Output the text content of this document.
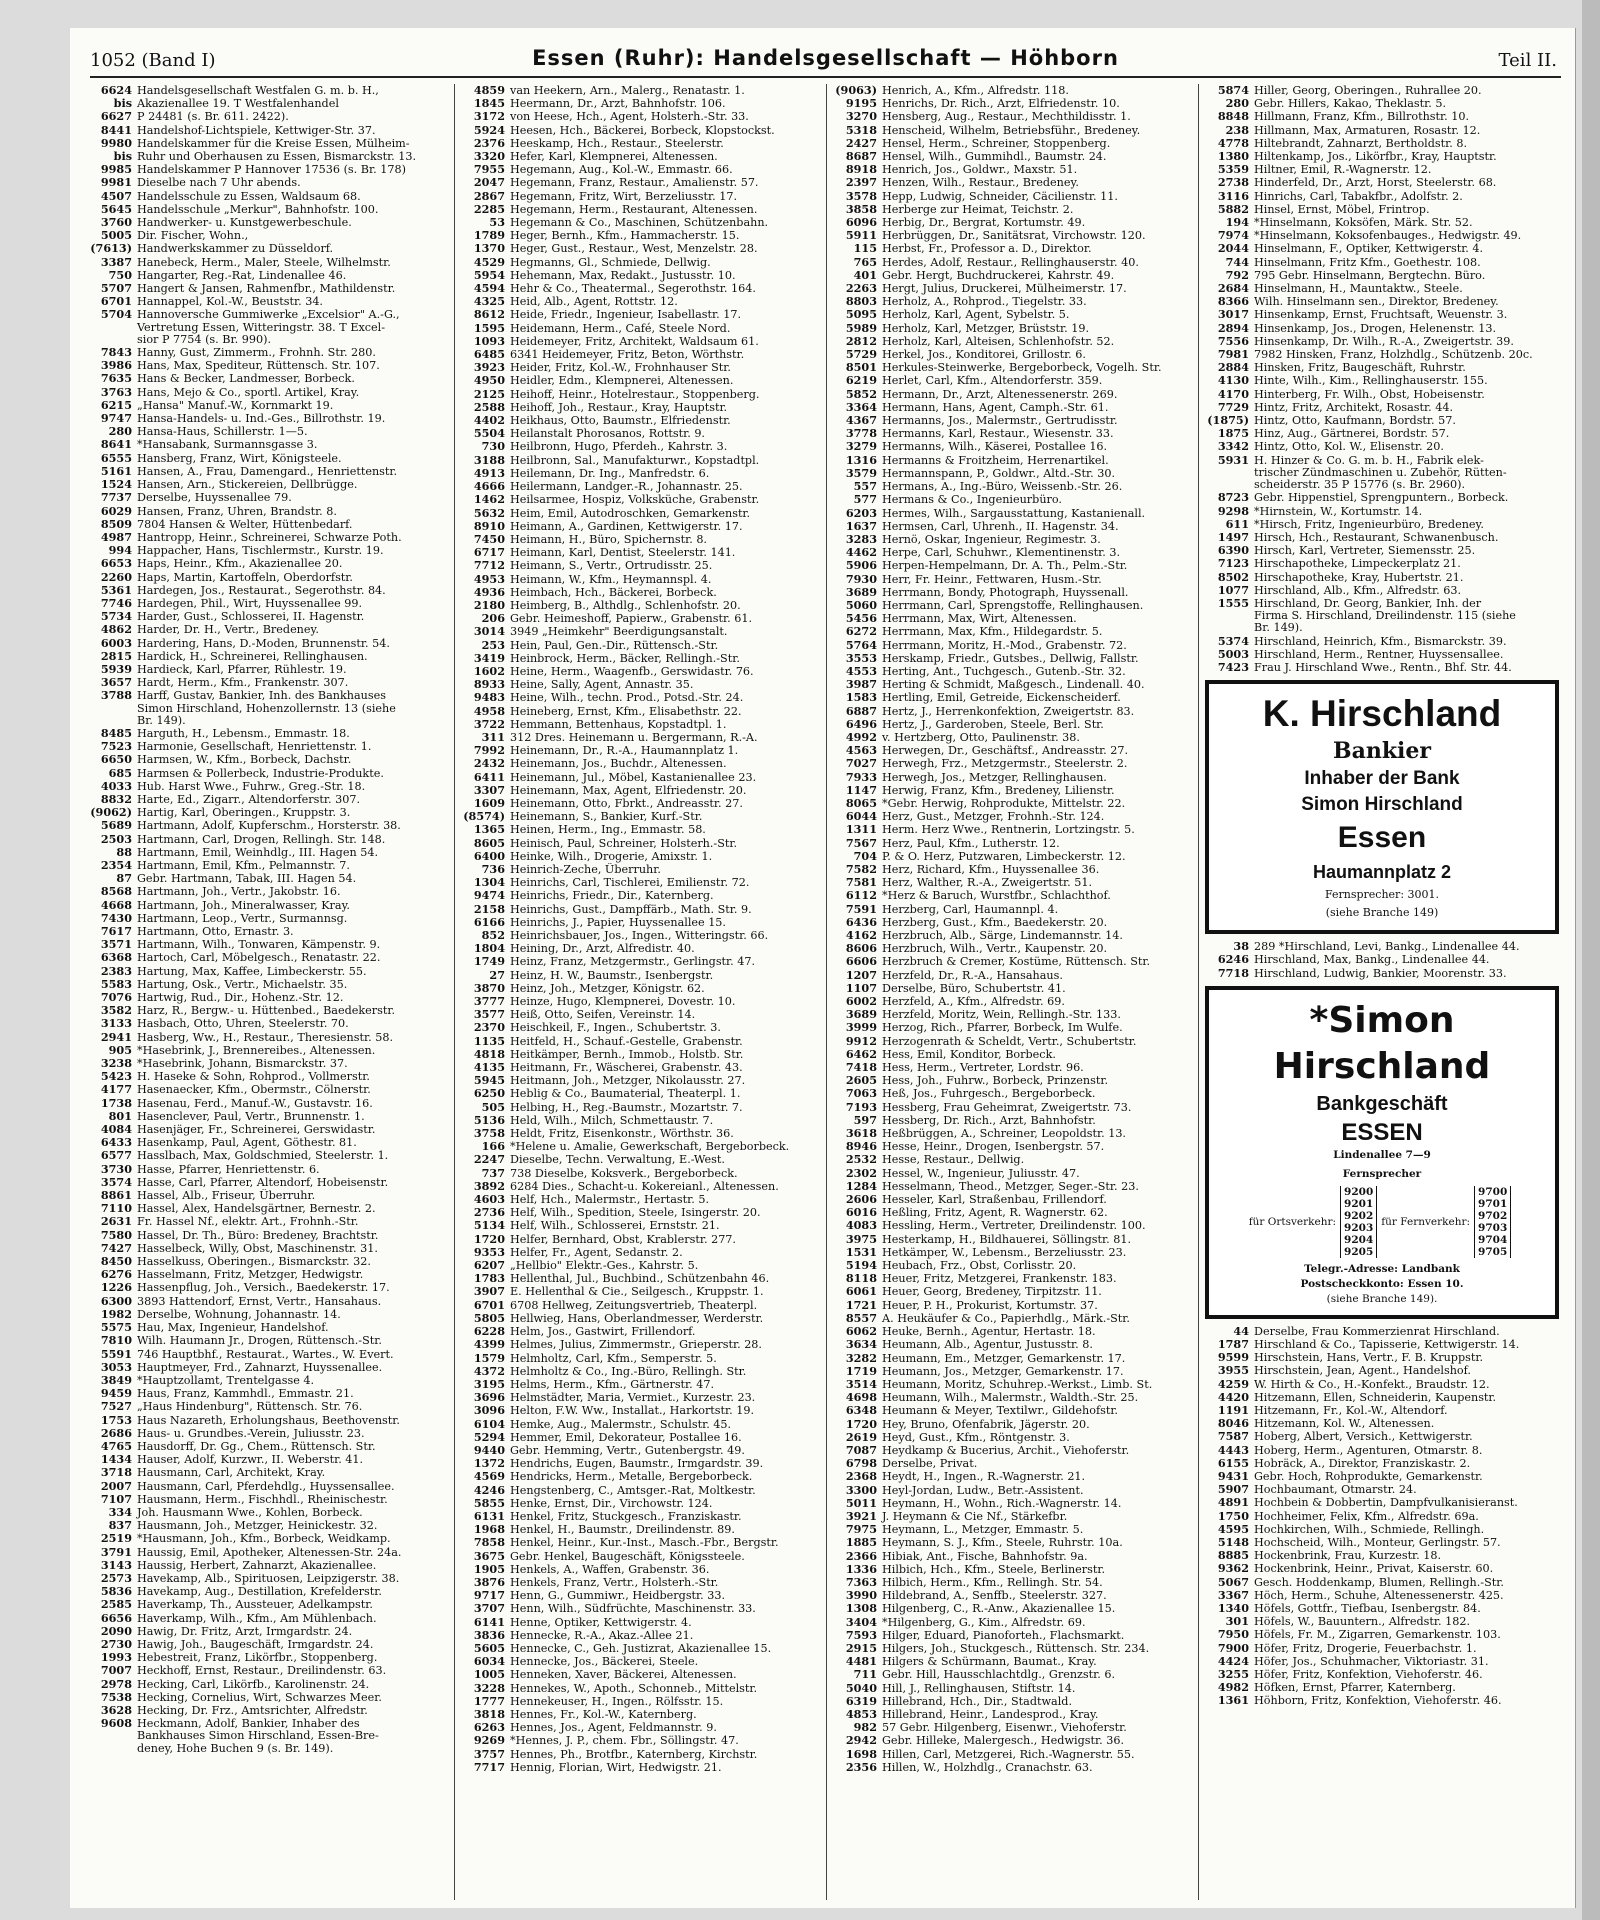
1052 (Band I)	Essen (Ruhr): Handelsgesellschaft — Höhborn	Teil II.
6624 Handelsgesellschaft Westfalen G. m. b. H.,
bis Akazienallee 19. T Westfalenhandel
6627 P 24481 (s. Br. 611. 2422).
8441 Handelshof-Lichtspiele, Kettwiger-Str. 37.
9980 Handelskammer für die Kreise Essen, Mülheim-
bis Ruhr und Oberhausen zu Essen, Bismarckstr. 13.
9985 Handelskammer P Hannover 17536 (s. Br. 178)
9981 Dieselbe nach 7 Uhr abends.
4507 Handelsschule zu Essen, Waldsaum 68.
5645 Handelsschule „Merkur", Bahnhofstr. 100.
3760 Handwerker- u. Kunstgewerbeschule.
5005 Dir. Fischer, Wohn.,
(7613) Handwerkskammer zu Düsseldorf.
3387 Hanebeck, Herm., Maler, Steele, Wilhelmstr.
750 Hangarter, Reg.-Rat, Lindenallee 46.
5707 Hangert & Jansen, Rahmenfbr., Mathildenstr.
6701 Hannappel, Kol.-W., Beuststr. 34.
5704 Hannoversche Gummiwerke „Excelsior" A.-G.,
Vertretung Essen, Witteringstr. 38. T Excel-
sior P 7754 (s. Br. 990).
7843 Hanny, Gust, Zimmerm., Frohnh. Str. 280.
3986 Hans, Max, Spediteur, Rüttensch. Str. 107.
7635 Hans & Becker, Landmesser, Borbeck.
3763 Hans, Mejo & Co., sportl. Artikel, Kray.
6215 „Hansa" Manuf.-W., Kornmarkt 19.
9747 Hansa-Handels- u. Ind.-Ges., Billrothstr. 19.
280 Hansa-Haus, Schillerstr. 1—5.
8641 *Hansabank, Surmannsgasse 3.
6555 Hansberg, Franz, Wirt, Königsteele.
5161 Hansen, A., Frau, Damengard., Henriettenstr.
1524 Hansen, Arn., Stickereien, Dellbrügge.
7737 Derselbe, Huyssenallee 79.
6029 Hansen, Franz, Uhren, Brandstr. 8.
8509 7804 Hansen & Welter, Hüttenbedarf.
4987 Hantropp, Heinr., Schreinerei, Schwarze Poth.
994 Happacher, Hans, Tischlermstr., Kurstr. 19.
6653 Haps, Heinr., Kfm., Akazienallee 20.
2260 Haps, Martin, Kartoffeln, Oberdorfstr.
5361 Hardegen, Jos., Restaurat., Segerothstr. 84.
7746 Hardegen, Phil., Wirt, Huyssenallee 99.
5734 Harder, Gust., Schlosserei, II. Hagenstr.
4862 Harder, Dr. H., Vertr., Bredeney.
6003 Hardering, Hans, D.-Moden, Brunnenstr. 54.
2815 Hardick, H., Schreinerei, Rellinghausen.
5939 Hardieck, Karl, Pfarrer, Rühlestr. 19.
3657 Hardt, Herm., Kfm., Frankenstr. 307.
3788 Harff, Gustav, Bankier, Inh. des Bankhauses
Simon Hirschland, Hohenzollernstr. 13 (siehe
Br. 149).
8485 Harguth, H., Lebensm., Emmastr. 18.
7523 Harmonie, Gesellschaft, Henriettenstr. 1.
6650 Harmsen, W., Kfm., Borbeck, Dachstr.
685 Harmsen & Pollerbeck, Industrie-Produkte.
4033 Hub. Harst Wwe., Fuhrw., Greg.-Str. 18.
8832 Harte, Ed., Zigarr., Altendorferstr. 307.
(9062) Hartig, Karl, Oberingen., Kruppstr. 3.
5689 Hartmann, Adolf, Kupferschm., Horsterstr. 38.
2503 Hartmann, Carl, Drogen, Rellingh. Str. 148.
88 Hartmann, Emil, Weinhdlg., III. Hagen 54.
2354 Hartmann, Emil, Kfm., Pelmannstr. 7.
87 Gebr. Hartmann, Tabak, III. Hagen 54.
8568 Hartmann, Joh., Vertr., Jakobstr. 16.
4668 Hartmann, Joh., Mineralwasser, Kray.
7430 Hartmann, Leop., Vertr., Surmannsg.
7617 Hartmann, Otto, Ernastr. 3.
3571 Hartmann, Wilh., Tonwaren, Kämpenstr. 9.
6368 Hartoch, Carl, Möbelgesch., Renatastr. 22.
2383 Hartung, Max, Kaffee, Limbeckerstr. 55.
5583 Hartung, Osk., Vertr., Michaelstr. 35.
7076 Hartwig, Rud., Dir., Hohenz.-Str. 12.
3582 Harz, R., Bergw.- u. Hüttenbed., Baedekerstr.
3133 Hasbach, Otto, Uhren, Steelerstr. 70.
2941 Hasberg, Ww., H., Restaur., Theresienstr. 58.
905 *Hasebrink, J., Brennereibes., Altenessen.
3238 *Hasebrink, Johann, Bismarckstr. 37.
5423 H. Haseke & Sohn, Rohprod., Vollmerstr.
4177 Hasenaecker, Kfm., Obermstr., Cölnerstr.
1738 Hasenau, Ferd., Manuf.-W., Gustavstr. 16.
801 Hasenclever, Paul, Vertr., Brunnenstr. 1.
4084 Hasenjäger, Fr., Schreinerei, Gerswidastr.
6433 Hasenkamp, Paul, Agent, Göthestr. 81.
6577 Hasslbach, Max, Goldschmied, Steelerstr. 1.
3730 Hasse, Pfarrer, Henriettenstr. 6.
3574 Hasse, Carl, Pfarrer, Altendorf, Hobeisenstr.
8861 Hassel, Alb., Friseur, Überruhr.
7110 Hassel, Alex, Handelsgärtner, Bernestr. 2.
2631 Fr. Hassel Nf., elektr. Art., Frohnh.-Str.
7580 Hassel, Dr. Th., Büro: Bredeney, Brachtstr.
7427 Hasselbeck, Willy, Obst, Maschinenstr. 31.
8450 Hasselkuss, Oberingen., Bismarckstr. 32.
6276 Hasselmann, Fritz, Metzger, Hedwigstr.
1226 Hassenpflug, Joh., Versich., Baedekerstr. 17.
6300 3893 Hattendorf, Ernst, Vertr., Hansahaus.
1982 Derselbe, Wohnung, Johannastr. 14.
5575 Hau, Max, Ingenieur, Handelshof.
7810 Wilh. Haumann Jr., Drogen, Rüttensch.-Str.
5591 746 Hauptbhf., Restaurat., Wartes., W. Evert.
3053 Hauptmeyer, Frd., Zahnarzt, Huyssenallee.
3849 *Hauptzollamt, Trentelgasse 4.
9459 Haus, Franz, Kammhdl., Emmastr. 21.
7527 „Haus Hindenburg", Rüttensch. Str. 76.
1753 Haus Nazareth, Erholungshaus, Beethovenstr.
2686 Haus- u. Grundbes.-Verein, Juliusstr. 23.
4765 Hausdorff, Dr. Gg., Chem., Rüttensch. Str.
1434 Hauser, Adolf, Kurzwr., II. Weberstr. 41.
3718 Hausmann, Carl, Architekt, Kray.
2007 Hausmann, Carl, Pferdehdlg., Huyssensallee.
7107 Hausmann, Herm., Fischhdl., Rheinischestr.
334 Joh. Hausmann Wwe., Kohlen, Borbeck.
837 Hausmann, Joh., Metzger, Heinickestr. 32.
2519 *Hausmann, Joh., Kfm., Borbeck, Weidkamp.
3791 Haussig, Emil, Apotheker, Altenessen-Str. 24a.
3143 Haussig, Herbert, Zahnarzt, Akazienallee.
2573 Havekamp, Alb., Spirituosen, Leipzigerstr. 38.
5836 Havekamp, Aug., Destillation, Krefelderstr.
2585 Haverkamp, Th., Aussteuer, Adelkampstr.
6656 Haverkamp, Wilh., Kfm., Am Mühlenbach.
2090 Hawig, Dr. Fritz, Arzt, Irmgardstr. 24.
2730 Hawig, Joh., Baugeschäft, Irmgardstr. 24.
1993 Hebestreit, Franz, Likörfbr., Stoppenberg.
7007 Heckhoff, Ernst, Restaur., Dreilindenstr. 63.
2978 Hecking, Carl, Likörfb., Karolinenstr. 24.
7538 Hecking, Cornelius, Wirt, Schwarzes Meer.
3628 Hecking, Dr. Frz., Amtsrichter, Alfredstr.
9608 Heckmann, Adolf, Bankier, Inhaber des
Bankhauses Simon Hirschland, Essen-Bre-
deney, Hohe Buchen 9 (s. Br. 149).
4859 van Heekern, Arn., Malerg., Renatastr. 1.
1845 Heermann, Dr., Arzt, Bahnhofstr. 106.
3172 von Heese, Hch., Agent, Holsterh.-Str. 33.
5924 Heesen, Hch., Bäckerei, Borbeck, Klopstockst.
2376 Heeskamp, Hch., Restaur., Steelerstr.
3320 Hefer, Karl, Klempnerei, Altenessen.
7955 Hegemann, Aug., Kol.-W., Emmastr. 66.
2047 Hegemann, Franz, Restaur., Amalienstr. 57.
2867 Hegemann, Fritz, Wirt, Berzeliusstr. 17.
2285 Hegemann, Herm., Restaurant, Altenessen.
53 Hegemann & Co., Maschinen, Schützenbahn.
1789 Heger, Bernh., Kfm., Hammacherstr. 15.
1370 Heger, Gust., Restaur., West, Menzelstr. 28.
4529 Hegmanns, Gl., Schmiede, Dellwig.
5954 Hehemann, Max, Redakt., Justusstr. 10.
4594 Hehr & Co., Theatermal., Segerothstr. 164.
4325 Heid, Alb., Agent, Rottstr. 12.
8612 Heide, Friedr., Ingenieur, Isabellastr. 17.
1595 Heidemann, Herm., Café, Steele Nord.
1093 Heidemeyer, Fritz, Architekt, Waldsaum 61.
6485 6341 Heidemeyer, Fritz, Beton, Wörthstr.
3923 Heider, Fritz, Kol.-W., Frohnhauser Str.
4950 Heidler, Edm., Klempnerei, Altenessen.
2125 Heihoff, Heinr., Hotelrestaur., Stoppenberg.
2588 Heihoff, Joh., Restaur., Kray, Hauptstr.
4402 Heikhaus, Otto, Baumstr., Elfriedenstr.
5504 Heilanstalt Phorosanos, Rottstr. 9.
730 Heilbronn, Hugo, Pferdeh., Kahrstr. 3.
3188 Heilbronn, Sal., Manufakturwr., Kopstadtpl.
4913 Heilemann, Dr. Ing., Manfredstr. 6.
4666 Heilermann, Landger.-R., Johannastr. 25.
1462 Heilsarmee, Hospiz, Volksküche, Grabenstr.
5632 Heim, Emil, Autodroschken, Gemarkenstr.
8910 Heimann, A., Gardinen, Kettwigerstr. 17.
7450 Heimann, H., Büro, Spichernstr. 8.
6717 Heimann, Karl, Dentist, Steelerstr. 141.
7712 Heimann, S., Vertr., Ortrudisstr. 25.
4953 Heimann, W., Kfm., Heymannspl. 4.
4936 Heimbach, Hch., Bäckerei, Borbeck.
2180 Heimberg, B., Althdlg., Schlenhofstr. 20.
206 Gebr. Heimeshoff, Papierw., Grabenstr. 61.
3014 3949 „Heimkehr" Beerdigungsanstalt.
253 Hein, Paul, Gen.-Dir., Rüttensch.-Str.
3419 Heinbrock, Herm., Bäcker, Rellingh.-Str.
1602 Heine, Herm., Waagenfb., Gerswidastr. 76.
8933 Heine, Sally, Agent, Annastr. 35.
9483 Heine, Wilh., techn. Prod., Potsd.-Str. 24.
4958 Heineberg, Ernst, Kfm., Elisabethstr. 22.
3722 Hemmann, Bettenhaus, Kopstadtpl. 1.
311 312 Dres. Heinemann u. Bergermann, R.-A.
7992 Heinemann, Dr., R.-A., Haumannplatz 1.
2432 Heinemann, Jos., Buchdr., Altenessen.
6411 Heinemann, Jul., Möbel, Kastanienallee 23.
3307 Heinemann, Max, Agent, Elfriedenstr. 20.
1609 Heinemann, Otto, Fbrkt., Andreasstr. 27.
(8574) Heinemann, S., Bankier, Kurf.-Str.
1365 Heinen, Herm., Ing., Emmastr. 58.
8605 Heinisch, Paul, Schreiner, Holsterh.-Str.
6400 Heinke, Wilh., Drogerie, Amixstr. 1.
736 Heinrich-Zeche, Überruhr.
1304 Heinrichs, Carl, Tischlerei, Emilienstr. 72.
9474 Heinrichs, Friedr., Dir., Katernberg.
2158 Heinrichs, Gust., Dampffärb., Math. Str. 9.
6166 Heinrichs, J., Papier, Huyssenallee 15.
852 Heinrichsbauer, Jos., Ingen., Witteringstr. 66.
1804 Heining, Dr., Arzt, Alfredistr. 40.
1749 Heinz, Franz, Metzgermstr., Gerlingstr. 47.
27 Heinz, H. W., Baumstr., Isenbergstr.
3870 Heinz, Joh., Metzger, Königstr. 62.
3777 Heinze, Hugo, Klempnerei, Dovestr. 10.
3577 Heiß, Otto, Seifen, Vereinstr. 14.
2370 Heischkeil, F., Ingen., Schubertstr. 3.
1135 Heitfeld, H., Schauf.-Gestelle, Grabenstr.
4818 Heitkämper, Bernh., Immob., Holstb. Str.
4135 Heitmann, Fr., Wäscherei, Grabenstr. 43.
5945 Heitmann, Joh., Metzger, Nikolausstr. 27.
6250 Heblig & Co., Baumaterial, Theaterpl. 1.
505 Helbing, H., Reg.-Baumstr., Mozartstr. 7.
5136 Held, Wilh., Milch, Schmettaustr. 7.
3758 Heldt, Fritz, Eisenkonstr., Wörthstr. 36.
166 *Helene u. Amalie, Gewerkschaft, Bergeborbeck.
2247 Dieselbe, Techn. Verwaltung, E.-West.
737 738 Dieselbe, Koksverk., Bergeborbeck.
3892 6284 Dies., Schacht-u. Kokereianl., Altenessen.
4603 Helf, Hch., Malermstr., Hertastr. 5.
2736 Helf, Wilh., Spedition, Steele, Isingerstr. 20.
5134 Helf, Wilh., Schlosserei, Ernststr. 21.
1720 Helfer, Bernhard, Obst, Krablerstr. 277.
9353 Helfer, Fr., Agent, Sedanstr. 2.
6207 „Hellbio" Elektr.-Ges., Kahrstr. 5.
1783 Hellenthal, Jul., Buchbind., Schützenbahn 46.
3907 E. Hellenthal & Cie., Seilgesch., Kruppstr. 1.
6701 6708 Hellweg, Zeitungsvertrieb, Theaterpl.
5805 Hellwieg, Hans, Oberlandmesser, Werderstr.
6228 Helm, Jos., Gastwirt, Frillendorf.
4399 Helmes, Julius, Zimmermstr., Grieperstr. 28.
1579 Helmholtz, Carl, Kfm., Semperstr. 5.
4372 Helmholtz & Co., Ing.-Büro, Rellingh. Str.
3195 Helms, Herm., Kfm., Gärtnerstr. 47.
3696 Helmstädter, Maria, Vermiet., Kurzestr. 23.
3096 Helton, F.W. Ww., Installat., Harkortstr. 19.
6104 Hemke, Aug., Malermstr., Schulstr. 45.
5294 Hemmer, Emil, Dekorateur, Postallee 16.
9440 Gebr. Hemming, Vertr., Gutenbergstr. 49.
1372 Hendrichs, Eugen, Baumstr., Irmgardstr. 39.
4569 Hendricks, Herm., Metalle, Bergeborbeck.
4246 Hengstenberg, C., Amtsger.-Rat, Moltkestr.
5855 Henke, Ernst, Dir., Virchowstr. 124.
6131 Henkel, Fritz, Stuckgesch., Franziskastr.
1968 Henkel, H., Baumstr., Dreilindenstr. 89.
7858 Henkel, Heinr., Kur.-Inst., Masch.-Fbr., Bergstr.
3675 Gebr. Henkel, Baugeschäft, Königssteele.
1905 Henkels, A., Waffen, Grabenstr. 36.
3876 Henkels, Franz, Vertr., Holsterh.-Str.
9717 Henn, G., Gummiwr., Heidbergstr. 33.
3707 Henn, Wilh., Südfrüchte, Maschinenstr. 33.
6141 Henne, Optiker, Kettwigerstr. 4.
3836 Hennecke, R.-A., Akaz.-Allee 21.
5605 Hennecke, C., Geh. Justizrat, Akazienallee 15.
6034 Hennecke, Jos., Bäckerei, Steele.
1005 Henneken, Xaver, Bäckerei, Altenessen.
3228 Hennekes, W., Apoth., Schonneb., Mittelstr.
1777 Hennekeuser, H., Ingen., Rölfsstr. 15.
3818 Hennes, Fr., Kol.-W., Katernberg.
6263 Hennes, Jos., Agent, Feldmannstr. 9.
9269 *Hennes, J. P., chem. Fbr., Söllingstr. 47.
3757 Hennes, Ph., Brotfbr., Katernberg, Kirchstr.
7717 Hennig, Florian, Wirt, Hedwigstr. 21.
(9063) Henrich, A., Kfm., Alfredstr. 118.
9195 Henrichs, Dr. Rich., Arzt, Elfriedenstr. 10.
3270 Hensberg, Aug., Restaur., Mechthildisstr. 1.
5318 Henscheid, Wilhelm, Betriebsführ., Bredeney.
2427 Hensel, Herm., Schreiner, Stoppenberg.
8687 Hensel, Wilh., Gummihdl., Baumstr. 24.
8918 Henrich, Jos., Goldwr., Maxstr. 51.
2397 Henzen, Wilh., Restaur., Bredeney.
3578 Hepp, Ludwig, Schneider, Cäcilienstr. 11.
3858 Herberge zur Heimat, Teichstr. 2.
6096 Herbig, Dr., Bergrat, Kortumstr. 49.
5911 Herbrüggen, Dr., Sanitätsrat, Virchowstr. 120.
115 Herbst, Fr., Professor a. D., Direktor.
765 Herdes, Adolf, Restaur., Rellinghauserstr. 40.
401 Gebr. Hergt, Buchdruckerei, Kahrstr. 49.
2263 Hergt, Julius, Druckerei, Mülheimerstr. 17.
8803 Herholz, A., Rohprod., Tiegelstr. 33.
5095 Herholz, Karl, Agent, Sybelstr. 5.
5989 Herholz, Karl, Metzger, Brüststr. 19.
2812 Herholz, Karl, Alteisen, Schlenhofstr. 52.
5729 Herkel, Jos., Konditorei, Grillostr. 6.
8501 Herkules-Steinwerke, Bergeborbeck, Vogelh. Str.
6219 Herlet, Carl, Kfm., Altendorferstr. 359.
5852 Hermann, Dr., Arzt, Altenessenerstr. 269.
3364 Hermann, Hans, Agent, Camph.-Str. 61.
4367 Hermanns, Jos., Malermstr., Gertrudisstr.
3778 Hermanns, Karl, Restaur., Wiesenstr. 33.
3279 Hermanns, Wilh., Käserei, Postallee 16.
1316 Hermanns & Froitzheim, Herrenartikel.
3579 Hermannspann, P., Goldwr., Altd.-Str. 30.
557 Hermans, A., Ing.-Büro, Weissenb.-Str. 26.
577 Hermans & Co., Ingenieurbüro.
6203 Hermes, Wilh., Sargausstattung, Kastanienall.
1637 Hermsen, Carl, Uhrenh., II. Hagenstr. 34.
3283 Hernö, Oskar, Ingenieur, Regimestr. 3.
4462 Herpe, Carl, Schuhwr., Klementinenstr. 3.
5906 Herpen-Hempelmann, Dr. A. Th., Pelm.-Str.
7930 Herr, Fr. Heinr., Fettwaren, Husm.-Str.
3689 Herrmann, Bondy, Photograph, Huyssenall.
5060 Herrmann, Carl, Sprengstoffe, Rellinghausen.
5456 Herrmann, Max, Wirt, Altenessen.
6272 Herrmann, Max, Kfm., Hildegardstr. 5.
5764 Herrmann, Moritz, H.-Mod., Grabenstr. 72.
3553 Herskamp, Friedr., Gutsbes., Dellwig, Fallstr.
4553 Herting, Ant., Tuchgesch., Gutenb.-Str. 32.
3987 Herting & Schmidt, Maßgesch., Lindenall. 40.
1583 Hertling, Emil, Getreide, Eickenscheiderf.
6887 Hertz, J., Herrenkonfektion, Zweigertstr. 83.
6496 Hertz, J., Garderoben, Steele, Berl. Str.
4992 v. Hertzberg, Otto, Paulinenstr. 38.
4563 Herwegen, Dr., Geschäftsf., Andreasstr. 27.
7027 Herwegh, Frz., Metzgermstr., Steelerstr. 2.
7933 Herwegh, Jos., Metzger, Rellinghausen.
1147 Herwig, Franz, Kfm., Bredeney, Lilienstr.
8065 *Gebr. Herwig, Rohprodukte, Mittelstr. 22.
6044 Herz, Gust., Metzger, Frohnh.-Str. 124.
1311 Herm. Herz Wwe., Rentnerin, Lortzingstr. 5.
7567 Herz, Paul, Kfm., Lutherstr. 12.
704 P. & O. Herz, Putzwaren, Limbeckerstr. 12.
7582 Herz, Richard, Kfm., Huyssenallee 36.
7581 Herz, Walther, R.-A., Zweigertstr. 51.
6112 *Herz & Baruch, Wurstfbr., Schlachthof.
7591 Herzberg, Carl, Haumannpl. 4.
6436 Herzberg, Gust., Kfm., Baedekerstr. 20.
4162 Herzbruch, Alb., Särge, Lindemannstr. 14.
8606 Herzbruch, Wilh., Vertr., Kaupenstr. 20.
6606 Herzbruch & Cremer, Kostüme, Rüttensch. Str.
1207 Herzfeld, Dr., R.-A., Hansahaus.
1107 Derselbe, Büro, Schubertstr. 41.
6002 Herzfeld, A., Kfm., Alfredstr. 69.
3689 Herzfeld, Moritz, Wein, Rellingh.-Str. 133.
3999 Herzog, Rich., Pfarrer, Borbeck, Im Wulfe.
9912 Herzogenrath & Scheldt, Vertr., Schubertstr.
6462 Hess, Emil, Konditor, Borbeck.
7418 Hess, Herm., Vertreter, Lordstr. 96.
2605 Hess, Joh., Fuhrw., Borbeck, Prinzenstr.
7063 Heß, Jos., Fuhrgesch., Bergeborbeck.
7193 Hessberg, Frau Geheimrat, Zweigertstr. 73.
597 Hessberg, Dr. Rich., Arzt, Bahnhofstr.
3618 Heßbrüggen, A., Schreiner, Leopoldstr. 13.
8946 Hesse, Heinr., Drogen, Isenbergstr. 57.
2532 Hesse, Restaur., Dellwig.
2302 Hessel, W., Ingenieur, Juliusstr. 47.
1284 Hesselmann, Theod., Metzger, Seger.-Str. 23.
2606 Hesseler, Karl, Straßenbau, Frillendorf.
6016 Heßling, Fritz, Agent, R. Wagnerstr. 62.
4083 Hessling, Herm., Vertreter, Dreilindenstr. 100.
3975 Hesterkamp, H., Bildhauerei, Söllingstr. 81.
1531 Hetkämper, W., Lebensm., Berzeliusstr. 23.
5194 Heubach, Frz., Obst, Corlisstr. 20.
8118 Heuer, Fritz, Metzgerei, Frankenstr. 183.
6061 Heuer, Georg, Bredeney, Tirpitzstr. 11.
1721 Heuer, P. H., Prokurist, Kortumstr. 37.
8557 A. Heukäufer & Co., Papierhdlg., Märk.-Str.
6062 Heuke, Bernh., Agentur, Hertastr. 18.
3634 Heumann, Alb., Agentur, Justusstr. 8.
3282 Heumann, Em., Metzger, Gemarkenstr. 17.
1719 Heumann, Jos., Metzger, Gemarkenstr. 17.
3514 Heumann, Moritz, Schuhrep.-Werkst., Limb. St.
4698 Heumann, Wilh., Malermstr., Waldth.-Str. 25.
6348 Heumann & Meyer, Textilwr., Gildehofstr.
1720 Hey, Bruno, Ofenfabrik, Jägerstr. 20.
2619 Heyd, Gust., Kfm., Röntgenstr. 3.
7087 Heydkamp & Bucerius, Archit., Viehoferstr.
6798 Derselbe, Privat.
2368 Heydt, H., Ingen., R.-Wagnerstr. 21.
3300 Heyl-Jordan, Ludw., Betr.-Assistent.
5011 Heymann, H., Wohn., Rich.-Wagnerstr. 14.
3921 J. Heymann & Cie Nf., Stärkefbr.
7975 Heymann, L., Metzger, Emmastr. 5.
1885 Heymann, S. J., Kfm., Steele, Ruhrstr. 10a.
2366 Hibiak, Ant., Fische, Bahnhofstr. 9a.
1336 Hilbich, Hch., Kfm., Steele, Berlinerstr.
7363 Hilbich, Herm., Kfm., Rellingh. Str. 54.
3990 Hildebrand, A., Senffb., Steelerstr. 327.
1308 Hilgenberg, C., R.-Anw., Akazienallee 15.
3404 *Hilgenberg, G., Kim., Alfredstr. 69.
7593 Hilger, Eduard, Pianoforteh., Flachsmarkt.
2915 Hilgers, Joh., Stuckgesch., Rüttensch. Str. 234.
4481 Hilgers & Schürmann, Baumat., Kray.
711 Gebr. Hill, Hausschlachtdlg., Grenzstr. 6.
5040 Hill, J., Rellinghausen, Stiftstr. 14.
6319 Hillebrand, Hch., Dir., Stadtwald.
4853 Hillebrand, Heinr., Landesprod., Kray.
982 57 Gebr. Hilgenberg, Eisenwr., Viehoferstr.
2942 Gebr. Hilleke, Malergesch., Hedwigstr. 36.
1698 Hillen, Carl, Metzgerei, Rich.-Wagnerstr. 55.
2356 Hillen, W., Holzhdlg., Cranachstr. 63.
5874 Hiller, Georg, Oberingen., Ruhrallee 20.
280 Gebr. Hillers, Kakao, Theklastr. 5.
8848 Hillmann, Franz, Kfm., Billrothstr. 10.
238 Hillmann, Max, Armaturen, Rosastr. 12.
4778 Hiltebrandt, Zahnarzt, Bertholdstr. 8.
1380 Hiltenkamp, Jos., Likörfbr., Kray, Hauptstr.
5359 Hiltner, Emil, R.-Wagnerstr. 12.
2738 Hinderfeld, Dr., Arzt, Horst, Steelerstr. 68.
3116 Hinrichs, Carl, Tabakfbr., Adolfstr. 2.
5882 Hinsel, Ernst, Möbel, Frintrop.
194 *Hinselmann, Koksöfen, Märk. Str. 52.
7974 *Hinselmann, Koksofenbauges., Hedwigstr. 49.
2044 Hinselmann, F., Optiker, Kettwigerstr. 4.
744 Hinselmann, Fritz Kfm., Goethestr. 108.
792 795 Gebr. Hinselmann, Bergtechn. Büro.
2684 Hinselmann, H., Mauntaktw., Steele.
8366 Wilh. Hinselmann sen., Direktor, Bredeney.
3017 Hinsenkamp, Ernst, Fruchtsaft, Weuenstr. 3.
2894 Hinsenkamp, Jos., Drogen, Helenenstr. 13.
7556 Hinsenkamp, Dr. Wilh., R.-A., Zweigertstr. 39.
7981 7982 Hinsken, Franz, Holzhdlg., Schützenb. 20c.
2884 Hinsken, Fritz, Baugeschäft, Ruhrstr.
4130 Hinte, Wilh., Kim., Rellinghauserstr. 155.
4170 Hinterberg, Fr. Wilh., Obst, Hobeisenstr.
7729 Hintz, Fritz, Architekt, Rosastr. 44.
(1875) Hintz, Otto, Kaufmann, Bordstr. 57.
1875 Hinz, Aug., Gärtnerei, Bordstr. 57.
3342 Hintz, Otto, Kol. W., Elisenstr. 20.
5931 H. Hinzer & Co. G. m. b. H., Fabrik elek-
trischer Zündmaschinen u. Zubehör, Rütten-
scheiderstr. 35 P 15776 (s. Br. 2960).
8723 Gebr. Hippenstiel, Sprengpuntern., Borbeck.
9298 *Hirnstein, W., Kortumstr. 14.
611 *Hirsch, Fritz, Ingenieurbüro, Bredeney.
1497 Hirsch, Hch., Restaurant, Schwanenbusch.
6390 Hirsch, Karl, Vertreter, Siemensstr. 25.
7123 Hirschapotheke, Limpeckerplatz 21.
8502 Hirschapotheke, Kray, Hubertstr. 21.
1077 Hirschland, Alb., Kfm., Alfredstr. 63.
1555 Hirschland, Dr. Georg, Bankier, Inh. der
Firma S. Hirschland, Dreilindenstr. 115 (siehe
Br. 149).
5374 Hirschland, Heinrich, Kfm., Bismarckstr. 39.
5003 Hirschland, Herm., Rentner, Huyssensallee.
7423 Frau J. Hirschland Wwe., Rentn., Bhf. Str. 44.
K. Hirschland
Bankier
Inhaber der Bank
Simon Hirschland
Essen
Haumannplatz 2
Fernsprecher: 3001.
(siehe Branche 149)
38 289 *Hirschland, Levi, Bankg., Lindenallee 44.
6246 Hirschland, Max, Bankg., Lindenallee 44.
7718 Hirschland, Ludwig, Bankier, Moorenstr. 33.
*Simon Hirschland
Bankgeschäft
ESSEN
Lindenallee 7—9
Fernsprecher
für Ortsverkehr:
9200
9201
9202
9203
9204
9205
für Fernverkehr:
9700
9701
9702
9703
9704
9705
Telegr.-Adresse: Landbank
Postscheckkonto: Essen 10.
(siehe Branche 149).
44 Derselbe, Frau Kommerzienrat Hirschland.
1787 Hirschland & Co., Tapisserie, Kettwigerstr. 14.
9599 Hirschstein, Hans, Vertr., F. B. Kruppstr.
3955 Hirschstein, Jean, Agent., Handelshof.
4259 W. Hirth & Co., H.-Konfekt., Braudstr. 12.
4420 Hitzemann, Ellen, Schneiderin, Kaupenstr.
1191 Hitzemann, Fr., Kol.-W., Altendorf.
8046 Hitzemann, Kol. W., Altenessen.
7587 Hoberg, Albert, Versich., Kettwigerstr.
4443 Hoberg, Herm., Agenturen, Otmarstr. 8.
6155 Hobräck, A., Direktor, Franziskastr. 2.
9431 Gebr. Hoch, Rohprodukte, Gemarkenstr.
5907 Hochbaumant, Otmarstr. 24.
4891 Hochbein & Dobbertin, Dampfvulkanisieranst.
1750 Hochheimer, Felix, Kfm., Alfredstr. 69a.
4595 Hochkirchen, Wilh., Schmiede, Rellingh.
5148 Hochscheid, Wilh., Monteur, Gerlingstr. 57.
8885 Hockenbrink, Frau, Kurzestr. 18.
9362 Hockenbrink, Heinr., Privat, Kaiserstr. 60.
5067 Gesch. Hoddenkamp, Blumen, Rellingh.-Str.
3367 Höch, Herm., Schuhe, Altenessenerstr. 425.
1340 Höfels, Gottfr., Tiefbau, Isenbergstr. 84.
301 Höfels, W., Bauuntern., Alfredstr. 182.
7950 Höfels, Fr. M., Zigarren, Gemarkenstr. 103.
7900 Höfer, Fritz, Drogerie, Feuerbachstr. 1.
4424 Höfer, Jos., Schuhmacher, Viktoriastr. 31.
3255 Höfer, Fritz, Konfektion, Viehoferstr. 46.
4982 Höfken, Ernst, Pfarrer, Katernberg.
1361 Höhborn, Fritz, Konfektion, Viehoferstr. 46.
